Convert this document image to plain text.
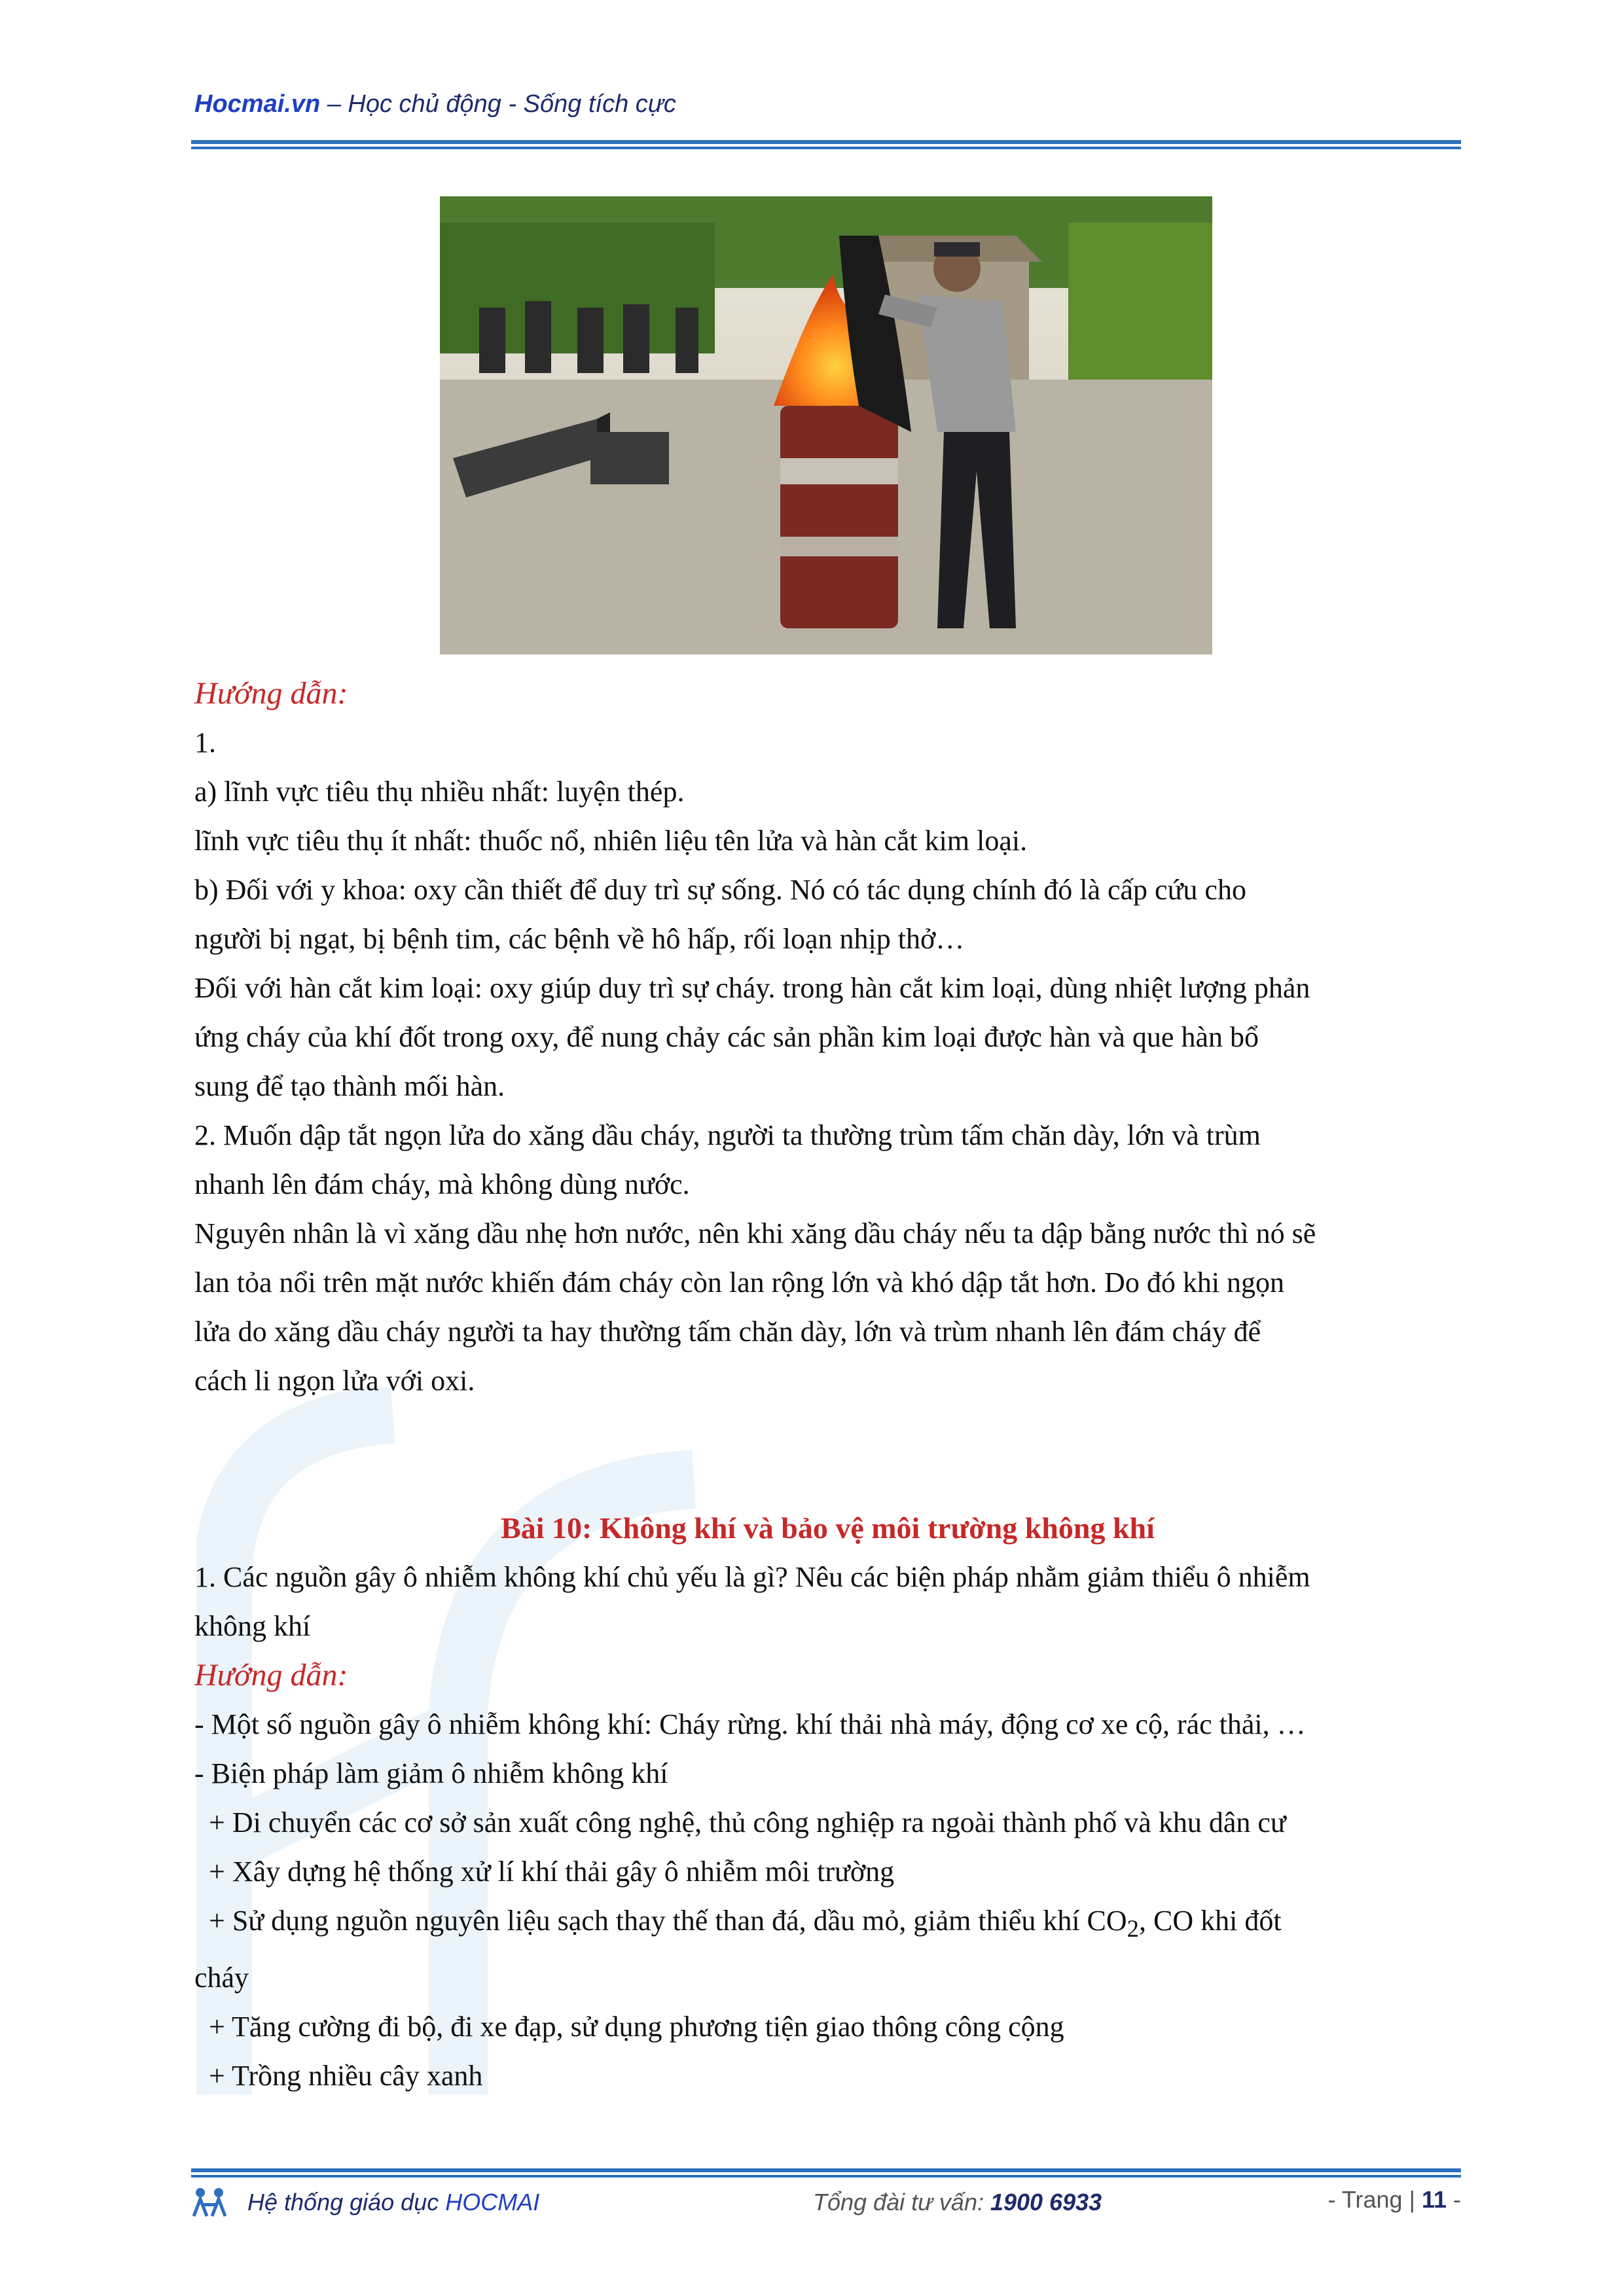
Hocmai.vn – Học chủ động - Sống tích cực

Hướng dẫn:

1.

a) lĩnh vực tiêu thụ nhiều nhất: luyện thép.

lĩnh vực tiêu thụ ít nhất: thuốc nổ, nhiên liệu tên lửa và hàn cắt kim loại.

b) Đối với y khoa: oxy cần thiết để duy trì sự sống. Nó có tác dụng chính đó là cấp cứu cho

người bị ngạt, bị bệnh tim, các bệnh về hô hấp, rối loạn nhịp thở…

Đối với hàn cắt kim loại: oxy giúp duy trì sự cháy. trong hàn cắt kim loại, dùng nhiệt lượng phản

ứng cháy của khí đốt trong oxy, để nung chảy các sản phần kim loại được hàn và que hàn bổ

sung để tạo thành mối hàn.

2. Muốn dập tắt ngọn lửa do xăng dầu cháy, người ta thường trùm tấm chăn dày, lớn và trùm

nhanh lên đám cháy, mà không dùng nước.

Nguyên nhân là vì xăng dầu nhẹ hơn nước, nên khi xăng dầu cháy nếu ta dập bằng nước thì nó sẽ

lan tỏa nổi trên mặt nước khiến đám cháy còn lan rộng lớn và khó dập tắt hơn. Do đó khi ngọn

lửa do xăng dầu cháy người ta hay thường tấm chăn dày, lớn và trùm nhanh lên đám cháy để

cách li ngọn lửa với oxi.

Bài 10: Không khí và bảo vệ môi trường không khí

1. Các nguồn gây ô nhiễm không khí chủ yếu là gì? Nêu các biện pháp nhằm giảm thiểu ô nhiễm

không khí

Hướng dẫn:

- Một số nguồn gây ô nhiễm không khí: Cháy rừng. khí thải nhà máy, động cơ xe cộ, rác thải, …

- Biện pháp làm giảm ô nhiễm không khí

+ Di chuyển các cơ sở sản xuất công nghệ, thủ công nghiệp ra ngoài thành phố và khu dân cư

+ Xây dựng hệ thống xử lí khí thải gây ô nhiễm môi trường

+ Sử dụng nguồn nguyên liệu sạch thay thế than đá, dầu mỏ, giảm thiểu khí $CO_2$, CO khi đốt

cháy

+ Tăng cường đi bộ, đi xe đạp, sử dụng phương tiện giao thông công cộng

+ Trồng nhiều cây xanh

Hệ thống giáo dục HOCMAI	Tổng đài tư vấn: 1900 6933	- Trang | 11 -
